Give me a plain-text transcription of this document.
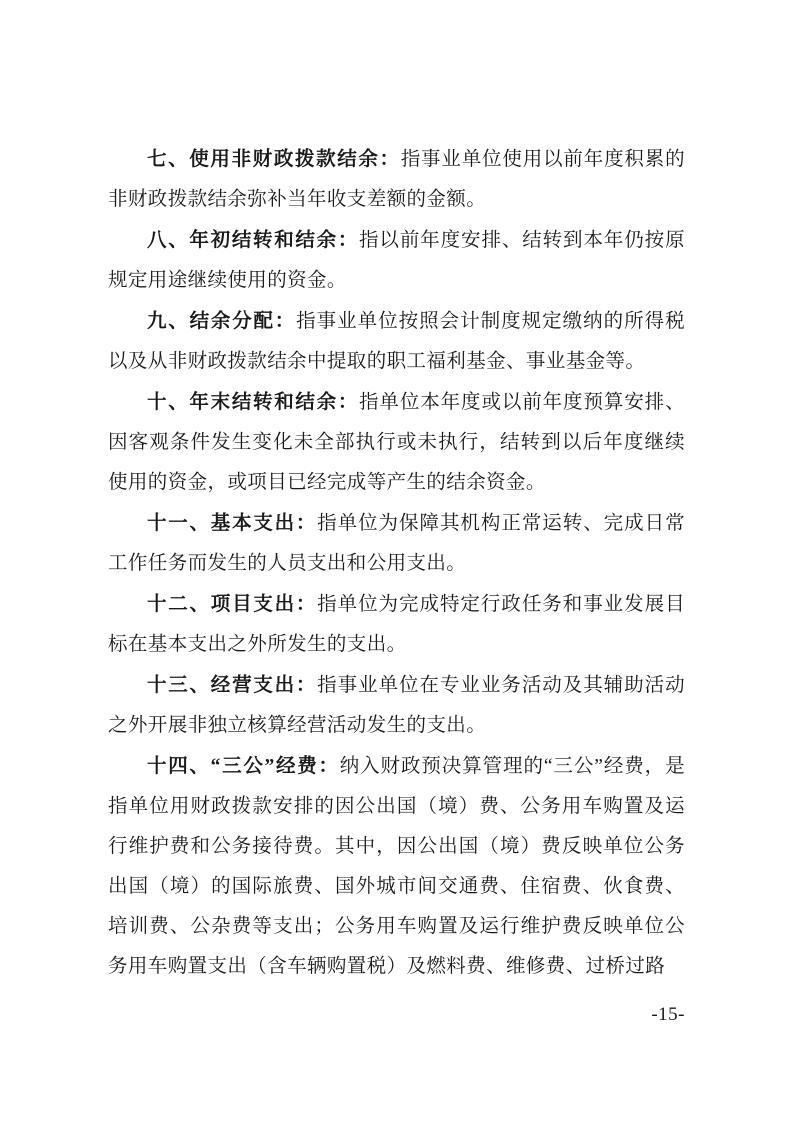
七、使用非财政拨款结余：指事业单位使用以前年度积累的非财政拨款结余弥补当年收支差额的金额。

八、年初结转和结余：指以前年度安排、结转到本年仍按原规定用途继续使用的资金。

九、结余分配：指事业单位按照会计制度规定缴纳的所得税以及从非财政拨款结余中提取的职工福利基金、事业基金等。

十、年末结转和结余：指单位本年度或以前年度预算安排、因客观条件发生变化未全部执行或未执行，结转到以后年度继续使用的资金，或项目已经完成等产生的结余资金。

十一、基本支出：指单位为保障其机构正常运转、完成日常工作任务而发生的人员支出和公用支出。

十二、项目支出：指单位为完成特定行政任务和事业发展目标在基本支出之外所发生的支出。

十三、经营支出：指事业单位在专业业务活动及其辅助活动之外开展非独立核算经营活动发生的支出。

十四、“三公”经费：纳入财政预决算管理的“三公”经费，是指单位用财政拨款安排的因公出国（境）费、公务用车购置及运行维护费和公务接待费。其中，因公出国（境）费反映单位公务出国（境）的国际旅费、国外城市间交通费、住宿费、伙食费、培训费、公杂费等支出；公务用车购置及运行维护费反映单位公务用车购置支出（含车辆购置税）及燃料费、维修费、过桥过路

-15-
